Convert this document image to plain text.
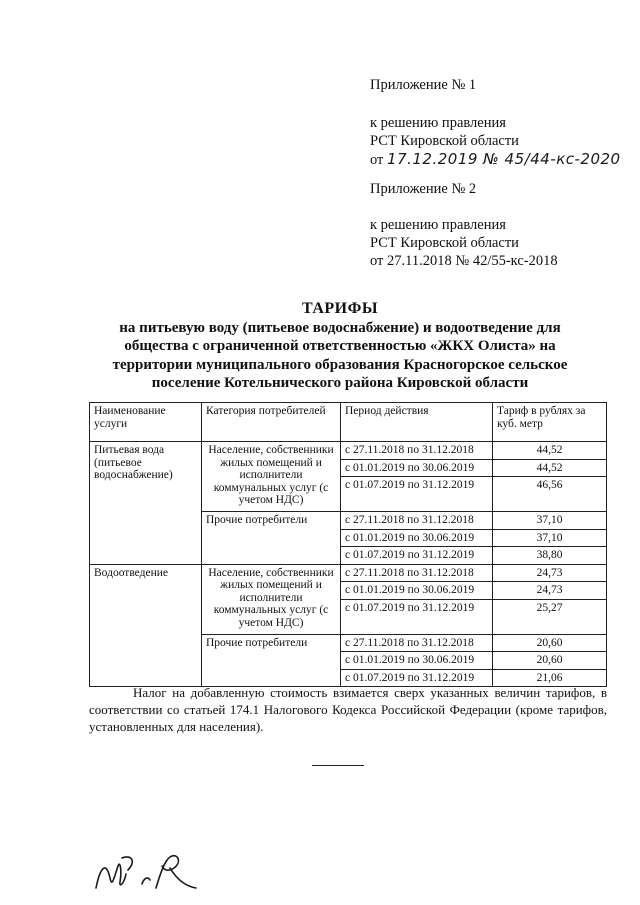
Приложение № 1
к решению правления
РСТ Кировской области
от 17.12.2019 № 45/44-кс-2020
Приложение № 2
к решению правления
РСТ Кировской области
от 27.11.2018 № 42/55-кс-2018
ТАРИФЫ
на питьевую воду (питьевое водоснабжение) и водоотведение для
общества с ограниченной ответственностью «ЖКХ Олиста» на
территории муниципального образования Красногорское сельское
поселение Котельнического района Кировской области
Наименование услуги	Категория потребителей	Период действия	Тариф в рублях за куб. метр
Питьевая вода (питьевое водоснабжение)	Население, собственники жилых помещений и исполнители коммунальных услуг (с учетом НДС)	с 27.11.2018 по 31.12.2018	44,52
		с 01.01.2019 по 30.06.2019	44,52
		с 01.07.2019 по 31.12.2019	46,56
	Прочие потребители	с 27.11.2018 по 31.12.2018	37,10
		с 01.01.2019 по 30.06.2019	37,10
		с 01.07.2019 по 31.12.2019	38,80
Водоотведение	Население, собственники жилых помещений и исполнители коммунальных услуг (с учетом НДС)	с 27.11.2018 по 31.12.2018	24,73
		с 01.01.2019 по 30.06.2019	24,73
		с 01.07.2019 по 31.12.2019	25,27
	Прочие потребители	с 27.11.2018 по 31.12.2018	20,60
		с 01.01.2019 по 30.06.2019	20,60
		с 01.07.2019 по 31.12.2019	21,06
Налог на добавленную стоимость взимается сверх указанных величин тарифов, в соответствии со статьей 174.1 Налогового Кодекса Российской Федерации (кроме тарифов, установленных для населения).
